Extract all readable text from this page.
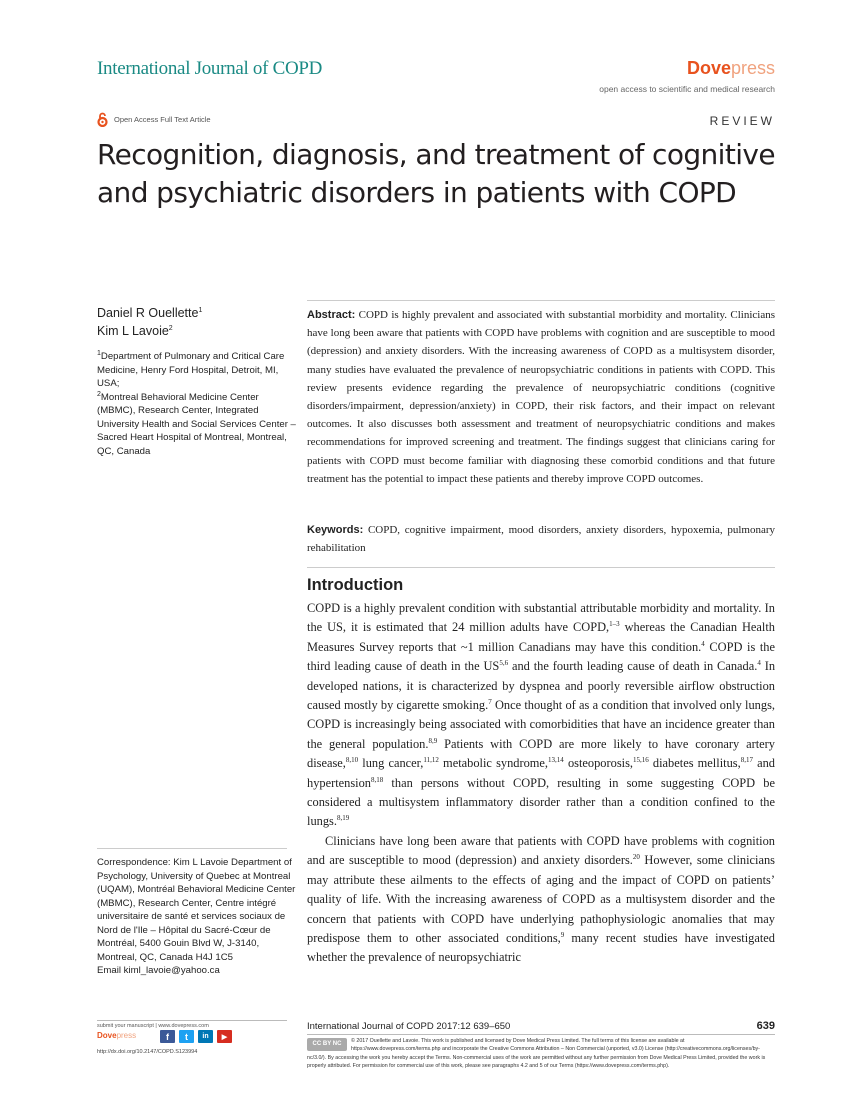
International Journal of COPD	Dovepress
open access to scientific and medical research
Open Access Full Text Article	REVIEW
Recognition, diagnosis, and treatment of cognitive
and psychiatric disorders in patients with COPD
Daniel R Ouellette$^1$
Kim L Lavoie$^2$
$^1$Department of Pulmonary and Critical Care Medicine, Henry Ford Hospital, Detroit, MI, USA;
$^2$Montreal Behavioral Medicine Center (MBMC), Research Center, Integrated University Health and Social Services Center – Sacred Heart Hospital of Montreal, Montreal, QC, Canada
Correspondence: Kim L Lavoie Department of Psychology, University of Quebec at Montreal (UQAM), Montréal Behavioral Medicine Center (MBMC), Research Center, Centre intégré universitaire de santé et services sociaux de Nord de l'Ile – Hôpital du Sacré-Cœur de Montréal, 5400 Gouin Blvd W, J-3140, Montreal, QC, Canada H4J 1C5
Email kiml_lavoie@yahoo.ca
Abstract: COPD is highly prevalent and associated with substantial morbidity and mortality. Clinicians have long been aware that patients with COPD have problems with cognition and are susceptible to mood (depression) and anxiety disorders. With the increasing awareness of COPD as a multisystem disorder, many studies have evaluated the prevalence of neuropsychiatric conditions in patients with COPD. This review presents evidence regarding the prevalence of neuropsychiatric conditions (cognitive disorders/impairment, depression/anxiety) in COPD, their risk factors, and their impact on relevant outcomes. It also discusses both assessment and treatment of neuropsychiatric conditions and makes recommendations for improved screening and treatment. The findings suggest that clinicians caring for patients with COPD must become familiar with diagnosing these comorbid conditions and that future treatment has the potential to impact these patients and thereby improve COPD outcomes.
Keywords: COPD, cognitive impairment, mood disorders, anxiety disorders, hypoxemia, pulmonary rehabilitation
Introduction

COPD is a highly prevalent condition with substantial attributable morbidity and mortality. In the US, it is estimated that 24 million adults have COPD,$^{1-3}$ whereas the Canadian Health Measures Survey reports that ~1 million Canadians may have this condition.$^4$ COPD is the third leading cause of death in the US$^{5,6}$ and the fourth leading cause of death in Canada.$^4$ In developed nations, it is characterized by dyspnea and poorly reversible airflow obstruction caused mostly by cigarette smoking.$^7$ Once thought of as a condition that involved only lungs, COPD is increasingly being associated with comorbidities that have an incidence greater than the general population.$^{8,9}$ Patients with COPD are more likely to have coronary artery disease,$^{8,10}$ lung cancer,$^{11,12}$ metabolic syndrome,$^{13,14}$ osteoporosis,$^{15,16}$ diabetes mellitus,$^{8,17}$ and hypertension$^{8,18}$ than persons without COPD, resulting in some suggesting COPD be considered a multisystem inflammatory disorder rather than a condition confined to the lungs.$^{8,19}$

Clinicians have long been aware that patients with COPD have problems with cognition and are susceptible to mood (depression) and anxiety disorders.$^{20}$ However, some clinicians may attribute these ailments to the effects of aging and the impact of COPD on patients’ quality of life. With the increasing awareness of COPD as a multisystem disorder and the concern that patients with COPD have underlying pathophysiologic anomalies that may predispose them to other associated conditions,$^9$ many recent studies have investigated whether the prevalence of neuropsychiatric

submit your manuscript | www.dovepress.com
Dovepress	f	t	in	▶
http://dx.doi.org/10.2147/COPD.S123994
International Journal of COPD 2017:12 639–650	639
CC BY NC	© 2017 Ouellette and Lavoie. This work is published and licensed by Dove Medical Press Limited. The full terms of this license are available at https://www.dovepress.com/terms.php and incorporate the Creative Commons Attribution – Non Commercial (unported, v3.0) License (http://creativecommons.org/licenses/by-nc/3.0/). By accessing the work you hereby accept the Terms. Non-commercial uses of the work are permitted without any further permission from Dove Medical Press Limited, provided the work is properly attributed. For permission for commercial use of this work, please see paragraphs 4.2 and 5 of our Terms (https://www.dovepress.com/terms.php).
